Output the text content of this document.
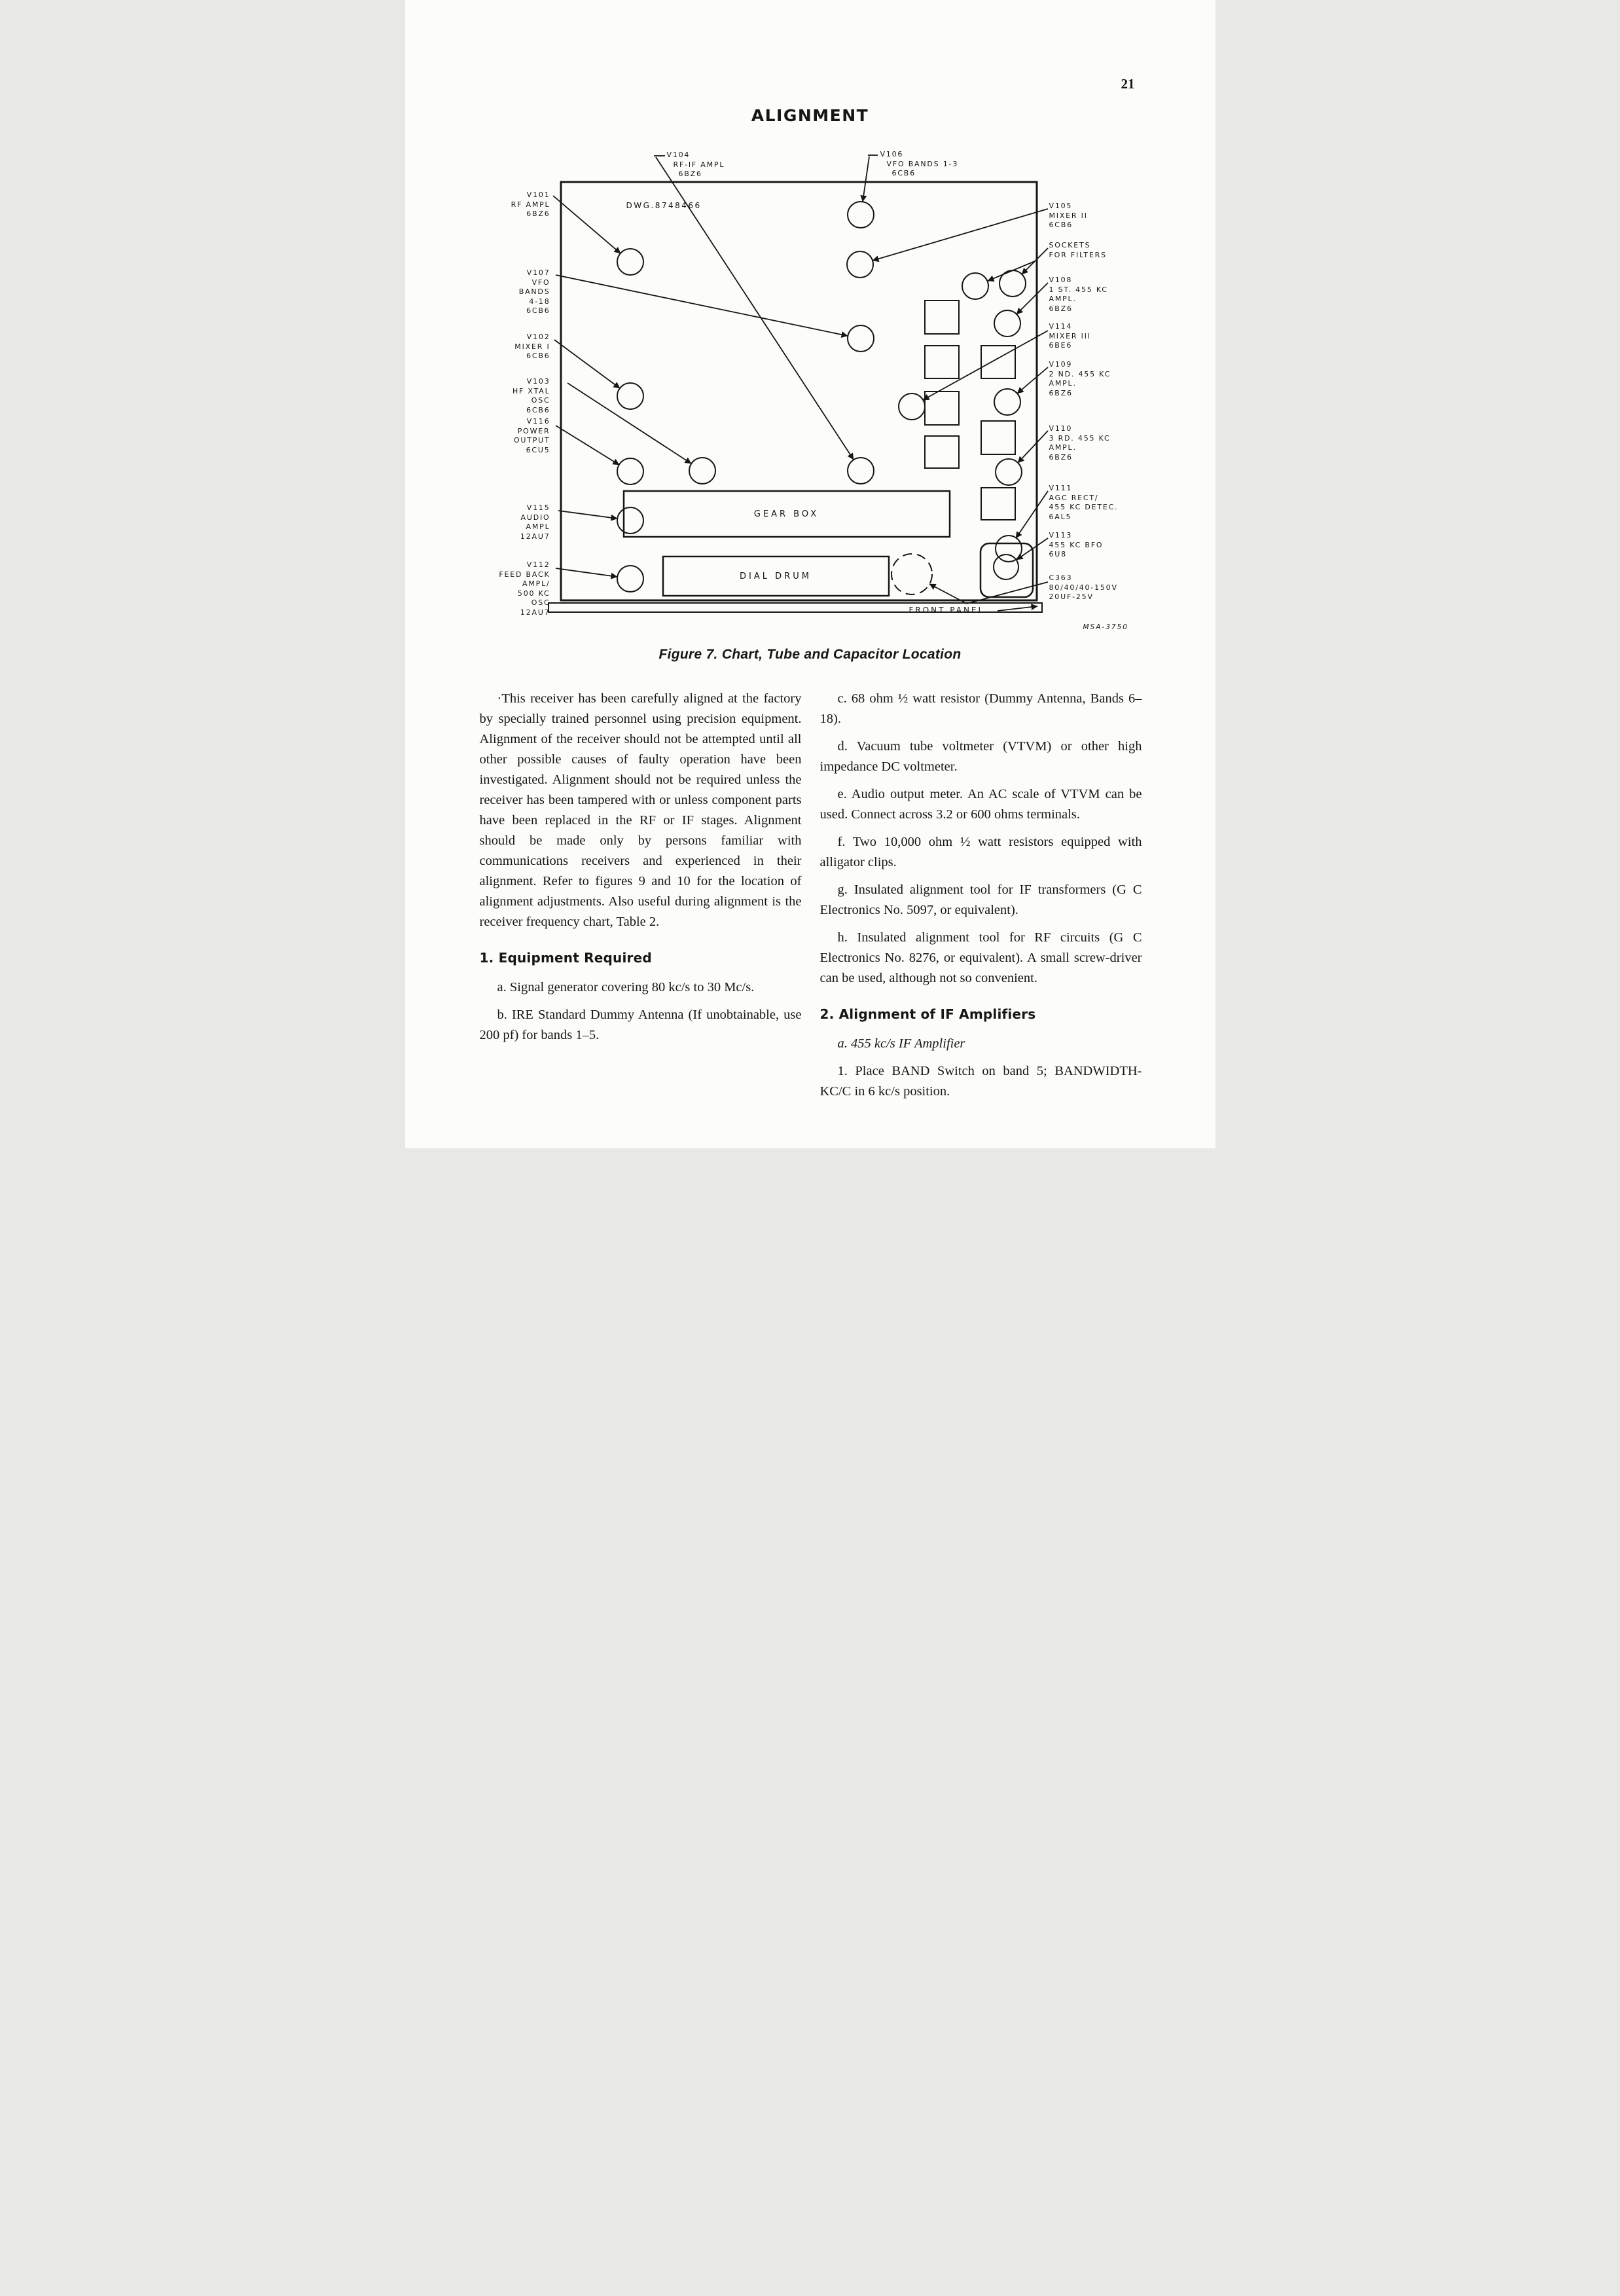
21
ALIGNMENT
DWG.8748466
GEAR BOX
DIAL DRUM
FRONT PANEL
MSA-3750
V104
RF-IF AMPL
6BZ6
V106
VFO BANDS 1-3
6CB6
V101
RF AMPL
6BZ6
V107
VFO
BANDS
4-18
6CB6
V102
MIXER I
6CB6
V103
HF XTAL
OSC
6CB6
V116
POWER
OUTPUT
6CU5
V115
AUDIO
AMPL
12AU7
V112
FEED BACK
AMPL/
500 KC
OSC
12AU7
V105
MIXER II
6CB6
SOCKETS
FOR FILTERS
V108
1 ST. 455 KC
AMPL.
6BZ6
V114
MIXER III
6BE6
V109
2 ND. 455 KC
AMPL.
6BZ6
V110
3 RD. 455 KC
AMPL.
6BZ6
V111
AGC RECT/
455 KC DETEC.
6AL5
V113
455 KC BFO
6U8
C363
80/40/40-150V
20UF-25V
Figure 7. Chart, Tube and Capacitor Location

·This receiver has been carefully aligned at the factory by specially trained personnel using precision equipment. Alignment of the receiver should not be attempted until all other possible causes of faulty operation have been investigated. Alignment should not be required unless the receiver has been tampered with or unless component parts have been replaced in the RF or IF stages. Alignment should be made only by persons familiar with communications receivers and experienced in their alignment. Refer to figures 9 and 10 for the location of alignment adjustments. Also useful during alignment is the receiver frequency chart, Table 2.

1. Equipment Required

a. Signal generator covering 80 kc/s to 30 Mc/s.

b. IRE Standard Dummy Antenna (If unobtainable, use 200 pf) for bands 1–5.

c. 68 ohm ½ watt resistor (Dummy Antenna, Bands 6–18).

d. Vacuum tube voltmeter (VTVM) or other high impedance DC voltmeter.

e. Audio output meter. An AC scale of VTVM can be used. Connect across 3.2 or 600 ohms terminals.

f. Two 10,000 ohm ½ watt resistors equipped with alligator clips.

g. Insulated alignment tool for IF transformers (G C Electronics No. 5097, or equivalent).

h. Insulated alignment tool for RF circuits (G C Electronics No. 8276, or equivalent). A small screw-driver can be used, although not so convenient.

2. Alignment of IF Amplifiers

a. 455 kc/s IF Amplifier

1. Place BAND Switch on band 5; BANDWIDTH-KC/C in 6 kc/s position.
